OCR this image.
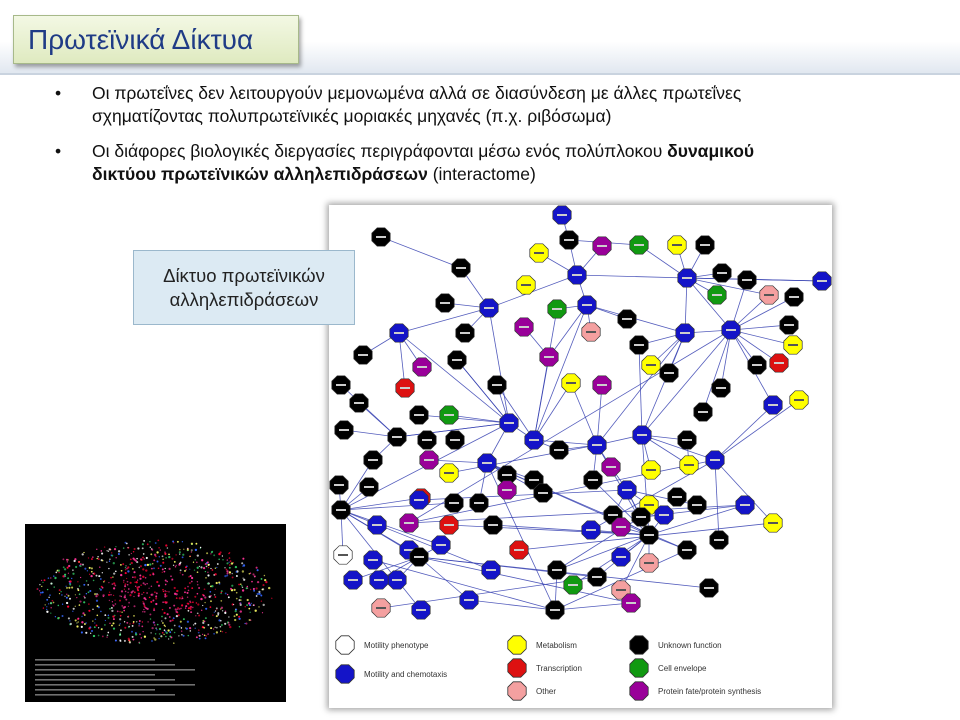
Πρωτεϊνικά Δίκτυα
• Οι πρωτεΐνες δεν λειτουργούν μεμονωμένα αλλά σε διασύνδεση με άλλες πρωτεΐνες
σχηματίζοντας πολυπρωτεϊνικές μοριακές μηχανές (π.χ. ριβόσωμα)
• Οι διάφορες βιολογικές διεργασίες περιγράφονται μέσω ενός πολύπλοκου δυναμικού
δικτύου πρωτεϊνικών αλληλεπιδράσεων (interactome)
Motility phenotype
Motility and chemotaxis
Metabolism
Transcription
Other
Unknown function
Cell envelope
Protein fate/protein synthesis
Δίκτυο πρωτεϊνικών
αλληλεπιδράσεων
